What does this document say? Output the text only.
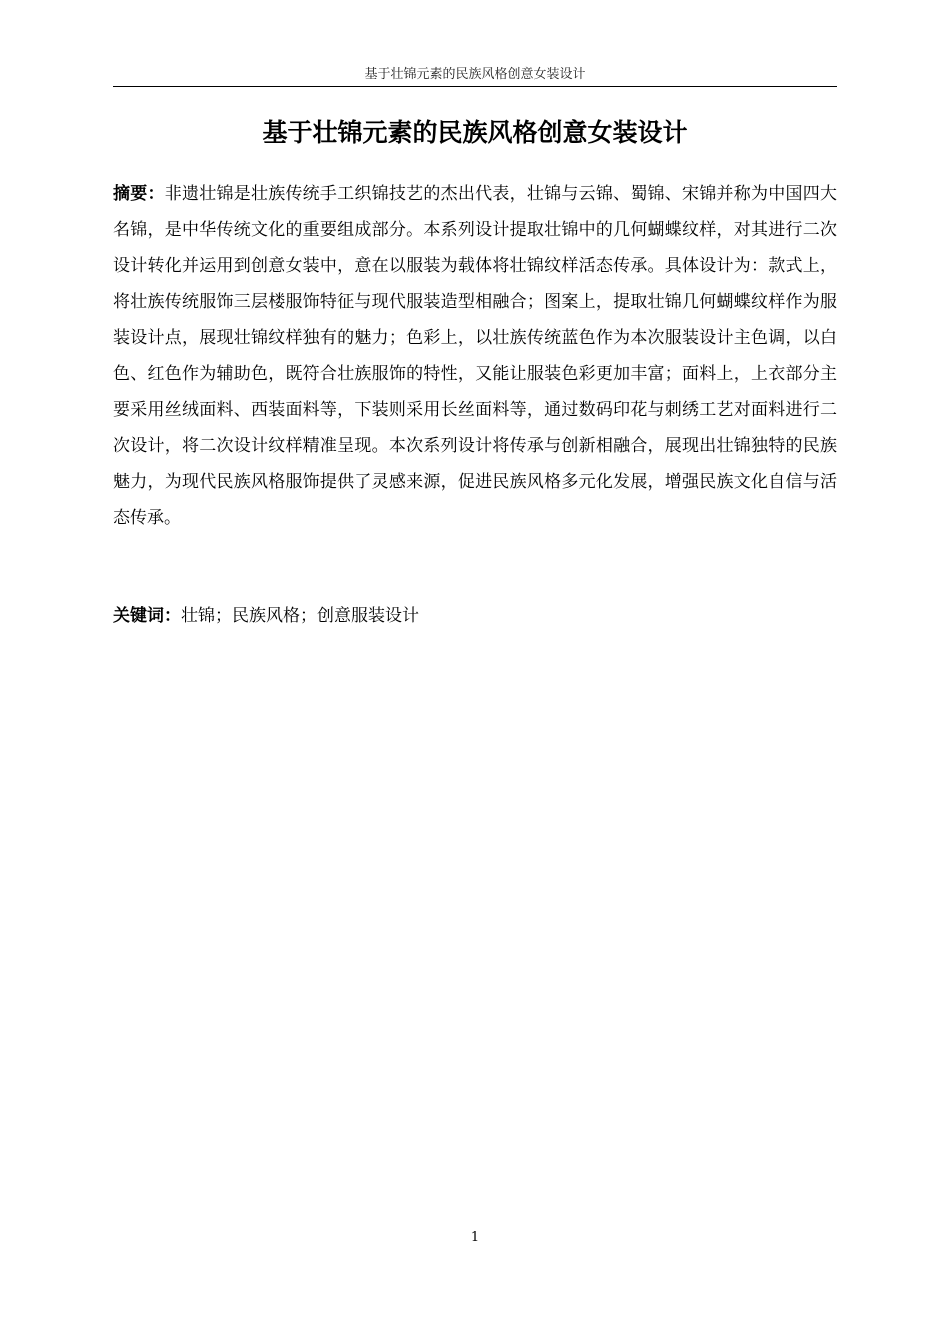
基于壮锦元素的民族风格创意女装设计
基于壮锦元素的民族风格创意女装设计

摘要：非遗壮锦是壮族传统手工织锦技艺的杰出代表，壮锦与云锦、蜀锦、宋锦并称为中国四大名锦，是中华传统文化的重要组成部分。本系列设计提取壮锦中的几何蝴蝶纹样，对其进行二次设计转化并运用到创意女装中，意在以服装为载体将壮锦纹样活态传承。具体设计为：款式上，将壮族传统服饰三层楼服饰特征与现代服装造型相融合；图案上，提取壮锦几何蝴蝶纹样作为服装设计点，展现壮锦纹样独有的魅力；色彩上，以壮族传统蓝色作为本次服装设计主色调，以白色、红色作为辅助色，既符合壮族服饰的特性，又能让服装色彩更加丰富；面料上，上衣部分主要采用丝绒面料、西装面料等，下装则采用长丝面料等，通过数码印花与刺绣工艺对面料进行二次设计，将二次设计纹样精准呈现。本次系列设计将传承与创新相融合，展现出壮锦独特的民族魅力，为现代民族风格服饰提供了灵感来源，促进民族风格多元化发展，增强民族文化自信与活态传承。

关键词：壮锦；民族风格；创意服装设计

1
